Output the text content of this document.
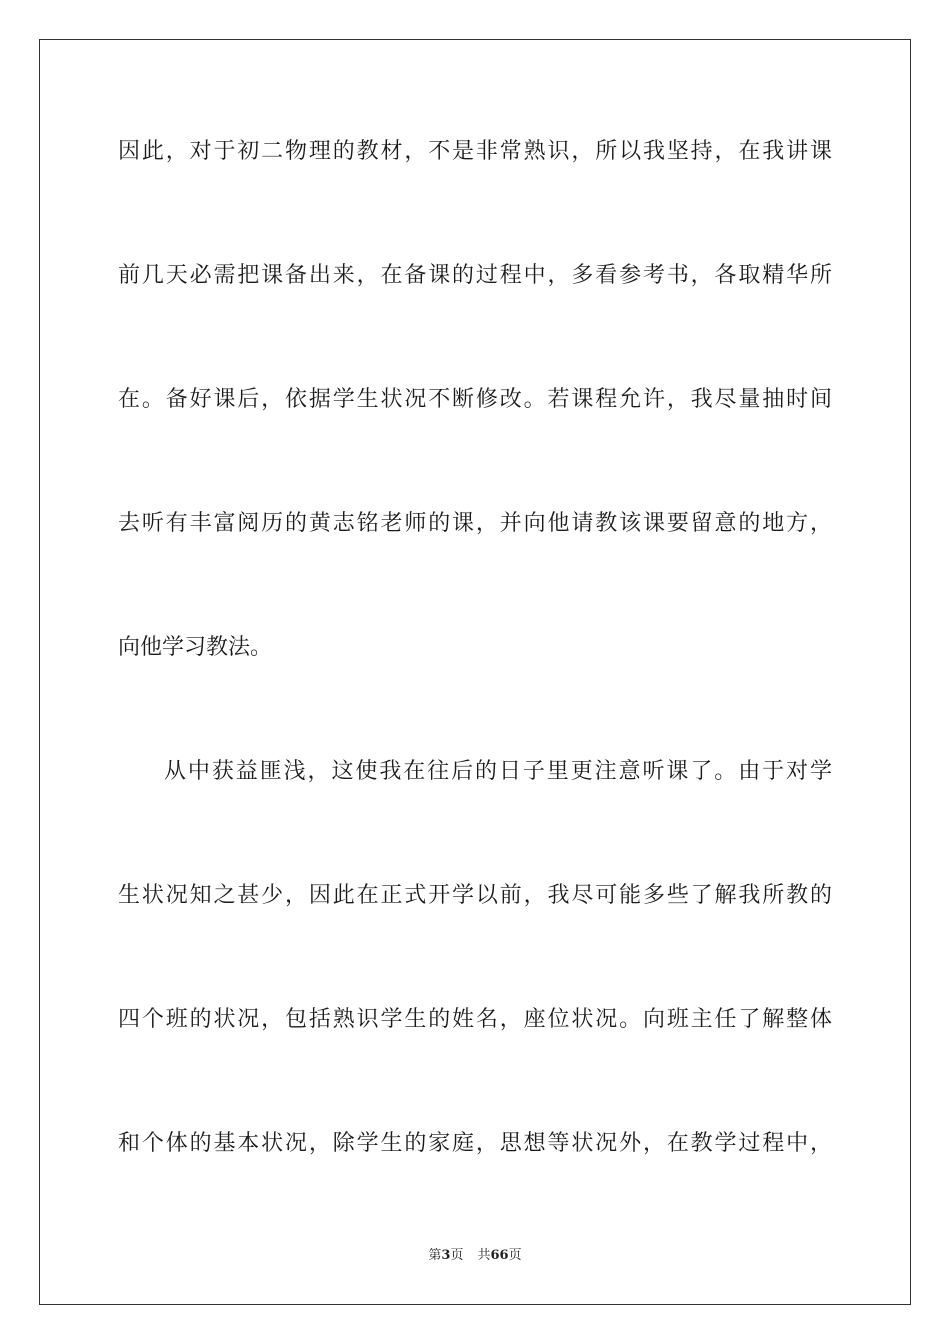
因此，对于初二物理的教材，不是非常熟识，所以我坚持，在我讲课
前几天必需把课备出来，在备课的过程中，多看参考书，各取精华所
在。备好课后，依据学生状况不断修改。若课程允许，我尽量抽时间
去听有丰富阅历的黄志铭老师的课，并向他请教该课要留意的地方，
向他学习教法。
从中获益匪浅，这使我在往后的日子里更注意听课了。由于对学
生状况知之甚少，因此在正式开学以前，我尽可能多些了解我所教的
四个班的状况，包括熟识学生的姓名，座位状况。向班主任了解整体
和个体的基本状况，除学生的家庭，思想等状况外，在教学过程中，
第3页 共66页
